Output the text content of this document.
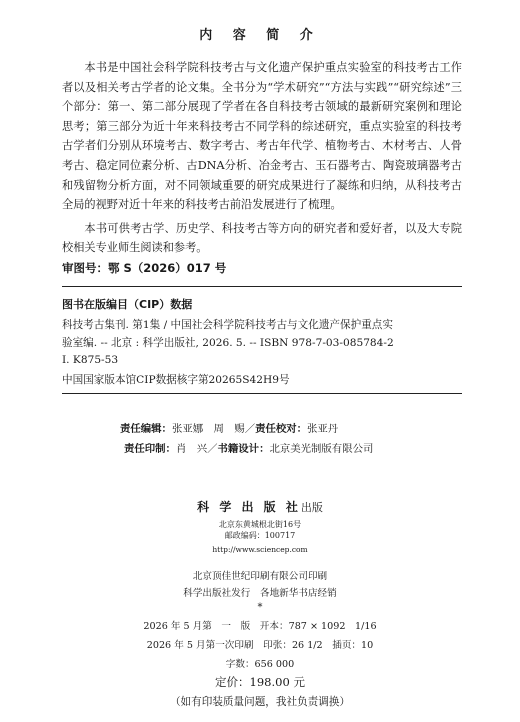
内 容 简 介

本书是中国社会科学院科技考古与文化遗产保护重点实验室的科技考古工作者以及相关考古学者的论文集。全书分为“学术研究”“方法与实践”“研究综述”三个部分：第一、第二部分展现了学者在各自科技考古领域的最新研究案例和理论思考；第三部分为近十年来科技考古不同学科的综述研究，重点实验室的科技考古学者们分别从环境考古、数字考古、考古年代学、植物考古、木材考古、人骨考古、稳定同位素分析、古DNA分析、冶金考古、玉石器考古、陶瓷玻璃器考古和残留物分析方面，对不同领域重要的研究成果进行了凝练和归纳，从科技考古全局的视野对近十年来的科技考古前沿发展进行了梳理。

本书可供考古学、历史学、科技考古等方向的研究者和爱好者，以及大专院校相关专业师生阅读和参考。

审图号：鄂 S（2026）017 号
图书在版编目（CIP）数据
科技考古集刊. 第1集 / 中国社会科学院科技考古与文化遗产保护重点实
验室编. -- 北京 : 科学出版社, 2026. 5. -- ISBN 978-7-03-085784-2
Ⅰ. K875-53
中国国家版本馆CIP数据核字第20265S42H9号
责任编辑：张亚娜　周　赐／责任校对：张亚丹
责任印制：肖　兴／书籍设计：北京美光制版有限公司
科 学 出 版 社出版
北京东黄城根北街16号
邮政编码：100717
http://www.sciencep.com
北京顶佳世纪印刷有限公司印刷
科学出版社发行　各地新华书店经销
*
2026 年 5 月第　一　版　开本：787 × 1092　1/16
2026 年 5 月第一次印刷　印张：26 1/2　插页：10
字数：656 000
定价：198.00 元
（如有印装质量问题，我社负责调换）
